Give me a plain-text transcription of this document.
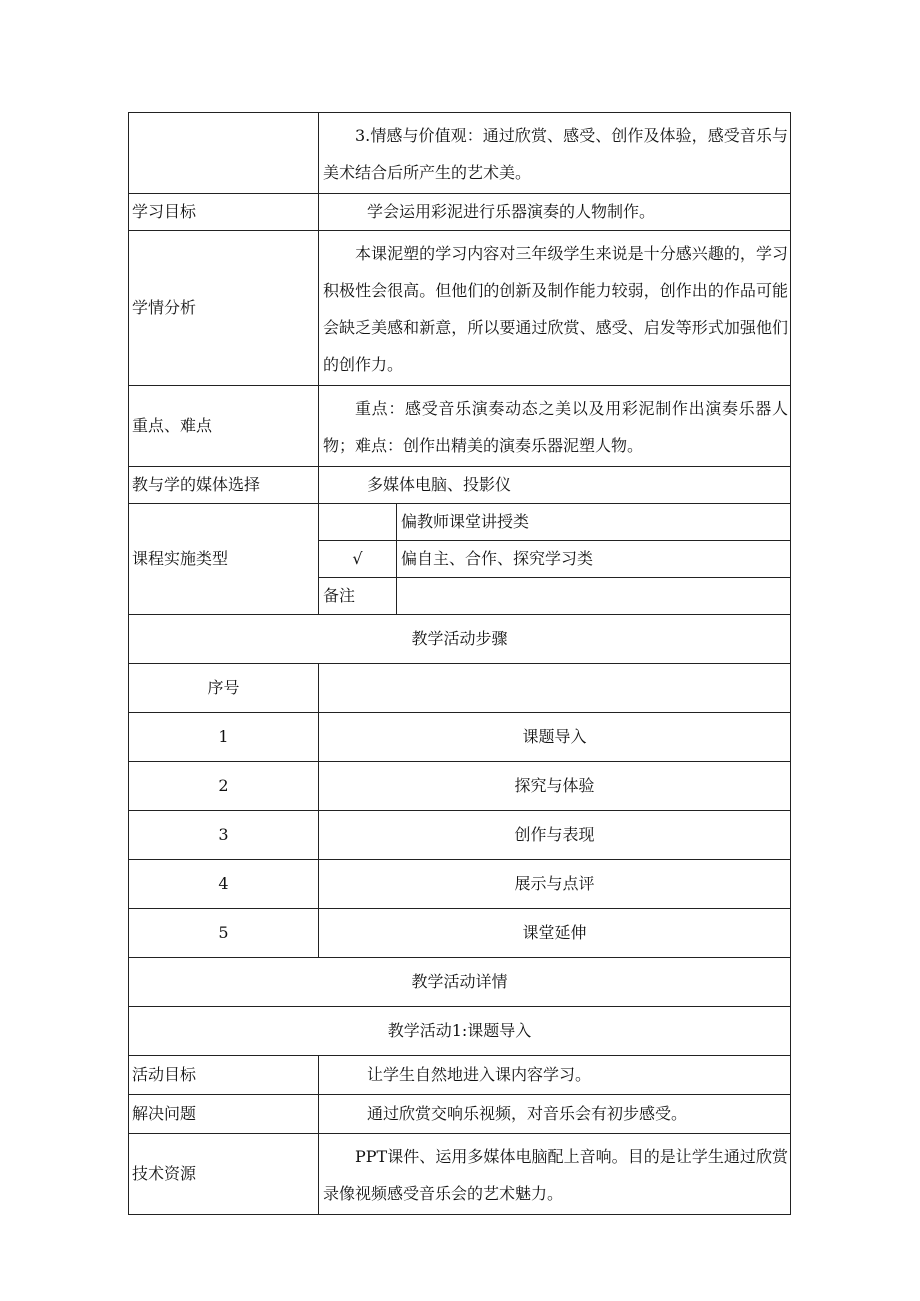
	3.情感与价值观：通过欣赏、感受、创作及体验，感受音乐与美术结合后所产生的艺术美。	
学习目标	学会运用彩泥进行乐器演奏的人物制作。	
学情分析	本课泥塑的学习内容对三年级学生来说是十分感兴趣的，学习积极性会很高。但他们的创新及制作能力较弱，创作出的作品可能会缺乏美感和新意，所以要通过欣赏、感受、启发等形式加强他们的创作力。	
重点、难点	重点：感受音乐演奏动态之美以及用彩泥制作出演奏乐器人物；难点：创作出精美的演奏乐器泥塑人物。	
教与学的媒体选择	多媒体电脑、投影仪	
课程实施类型		偏教师课堂讲授类
	√	偏自主、合作、探究学习类
	备注	
教学活动步骤		
序号		
1	课题导入	
2	探究与体验	
3	创作与表现	
4	展示与点评	
5	课堂延伸	
教学活动详情		
教学活动1:课题导入		
活动目标	让学生自然地进入课内容学习。	
解决问题	通过欣赏交响乐视频，对音乐会有初步感受。	
技术资源	PPT课件、运用多媒体电脑配上音响。目的是让学生通过欣赏录像视频感受音乐会的艺术魅力。	
